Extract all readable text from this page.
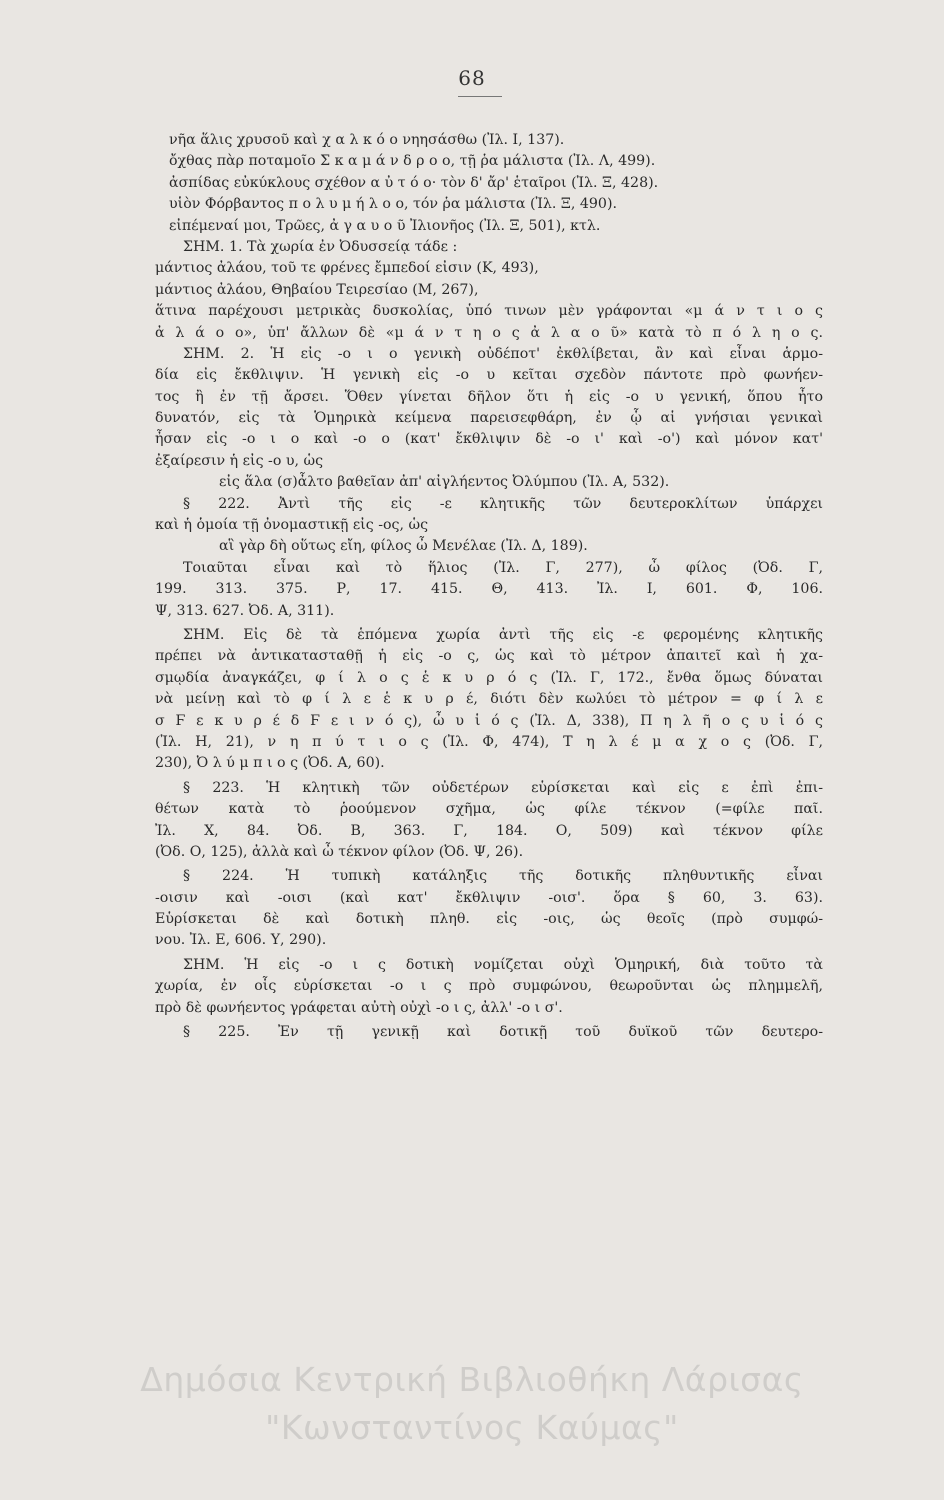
68
νῆα ἅλις χρυσοῦ καὶ χ α λ κ ό ο νηησάσθω (Ἰλ. Ι, 137).
ὄχθας πὰρ ποταμοῖο Σ κ α μ ά ν δ ρ ο ο, τῇ ῥα μάλιστα (Ἰλ. Λ, 499).
ἀσπίδας εὐκύκλους σχέθον α ὐ τ ό ο· τὸν δ' ἄρ' ἑταῖροι (Ἰλ. Ξ, 428).
υἱὸν Φόρβαντος π ο λ υ μ ή λ ο ο, τόν ῥα μάλιστα (Ἰλ. Ξ, 490).
εἰπέμεναί μοι, Τρῶες, ἀ γ α υ ο ῦ Ἰλιονῆος (Ἰλ. Ξ, 501), κτλ.
ΣΗΜ. 1. Τὰ χωρία ἐν Ὀδυσσείᾳ τάδε :
μάντιος ἀλάου, τοῦ τε φρένες ἔμπεδοί εἰσιν (Κ, 493),
μάντιος ἀλάου, Θηβαίου Τειρεσίαο (Μ, 267),
ἅτινα παρέχουσι μετρικὰς δυσκολίας, ὑπό τινων μὲν γράφονται «μ ά ν τ ι ο ς
ἀ λ ά ο ο», ὑπ' ἄλλων δὲ «μ ά ν τ η ο ς ἀ λ α ο ῦ» κατὰ τὸ π ό λ η ο ς.
ΣΗΜ. 2. Ἡ εἰς -ο ι ο γενικὴ οὐδέποτ' ἐκθλίβεται, ἂν καὶ εἶναι ἁρμο-
δία εἰς ἔκθλιψιν. Ἡ γενικὴ εἰς -ο υ κεῖται σχεδὸν πάντοτε πρὸ φωνήεν-
τος ἢ ἐν τῇ ἄρσει. Ὅθεν γίνεται δῆλον ὅτι ἡ εἰς -ο υ γενική, ὅπου ἦτο
δυνατόν, εἰς τὰ Ὁμηρικὰ κείμενα παρεισεφθάρη, ἐν ᾧ αἱ γνήσιαι γενικαὶ
ἦσαν εἰς -ο ι ο καὶ -ο ο (κατ' ἔκθλιψιν δὲ -ο ι' καὶ -ο') καὶ μόνον κατ'
ἐξαίρεσιν ἡ εἰς -ο υ, ὡς
εἰς ἅλα (σ)ἆλτο βαθεῖαν ἀπ' αἰγλήεντος Ὀλύμπου (Ἰλ. Α, 532).
§ 222. Ἀντὶ τῆς εἰς -ε κλητικῆς τῶν δευτεροκλίτων ὑπάρχει
καὶ ἡ ὁμοία τῇ ὀνομαστικῇ εἰς -ος, ὡς
αἳ γὰρ δὴ οὕτως εἴη, φίλος ὦ Μενέλαε (Ἰλ. Δ, 189).
Τοιαῦται εἶναι καὶ τὸ ἥλιος (Ἰλ. Γ, 277), ὦ φίλος (Ὀδ. Γ,
199. 313. 375. Ρ, 17. 415. Θ, 413. Ἰλ. Ι, 601. Φ, 106.
Ψ, 313. 627. Ὀδ. Α, 311).
ΣΗΜ. Εἰς δὲ τὰ ἑπόμενα χωρία ἀντὶ τῆς εἰς -ε φερομένης κλητικῆς
πρέπει νὰ ἀντικατασταθῇ ἡ εἰς -ο ς, ὡς καὶ τὸ μέτρον ἀπαιτεῖ καὶ ἡ χα-
σμῳδία ἀναγκάζει, φ ί λ ο ς ἑ κ υ ρ ό ς (Ἰλ. Γ, 172., ἔνθα ὅμως δύναται
νὰ μείνῃ καὶ τὸ φ ί λ ε ἑ κ υ ρ έ, διότι δὲν κωλύει τὸ μέτρον = φ ί λ ε
σ Ϝ ε κ υ ρ έ δ Ϝ ε ι ν ό ς), ὦ υ ἱ ό ς (Ἰλ. Δ, 338), Π η λ ῆ ο ς υ ἱ ό ς
(Ἰλ. Η, 21), ν η π ύ τ ι ο ς (Ἰλ. Φ, 474), Τ η λ έ μ α χ ο ς (Ὀδ. Γ,
230), Ὀ λ ύ μ π ι ο ς (Ὀδ. Α, 60).
§ 223. Ἡ κλητικὴ τῶν οὐδετέρων εὑρίσκεται καὶ εἰς ε ἐπὶ ἐπι-
θέτων κατὰ τὸ ῥοούμενον σχῆμα, ὡς φίλε τέκνον (=φίλε παῖ.
Ἰλ. Χ, 84. Ὀδ. Β, 363. Γ, 184. Ο, 509) καὶ τέκνον φίλε
(Ὀδ. Ο, 125), ἀλλὰ καὶ ὦ τέκνον φίλον (Ὀδ. Ψ, 26).
§ 224. Ἡ τυπικὴ κατάληξις τῆς δοτικῆς πληθυντικῆς εἶναι
-οισιν καὶ -οισι (καὶ κατ' ἔκθλιψιν -οισ'. ὅρα § 60, 3. 63).
Εὑρίσκεται δὲ καὶ δοτικὴ πληθ. εἰς -οις, ὡς θεοῖς (πρὸ συμφώ-
νου. Ἰλ. Ε, 606. Υ, 290).
ΣΗΜ. Ἡ εἰς -ο ι ς δοτικὴ νομίζεται οὐχὶ Ὁμηρική, διὰ τοῦτο τὰ
χωρία, ἐν οἷς εὑρίσκεται -ο ι ς πρὸ συμφώνου, θεωροῦνται ὡς πλημμελῆ,
πρὸ δὲ φωνήεντος γράφεται αὐτὴ οὐχὶ -ο ι ς, ἀλλ' -ο ι σ'.
§ 225. Ἐν τῇ γενικῇ καὶ δοτικῇ τοῦ δυϊκοῦ τῶν δευτερο-
Δημόσια Κεντρική Βιβλιοθήκη Λάρισας
"Κωνσταντίνος Καύμας"
